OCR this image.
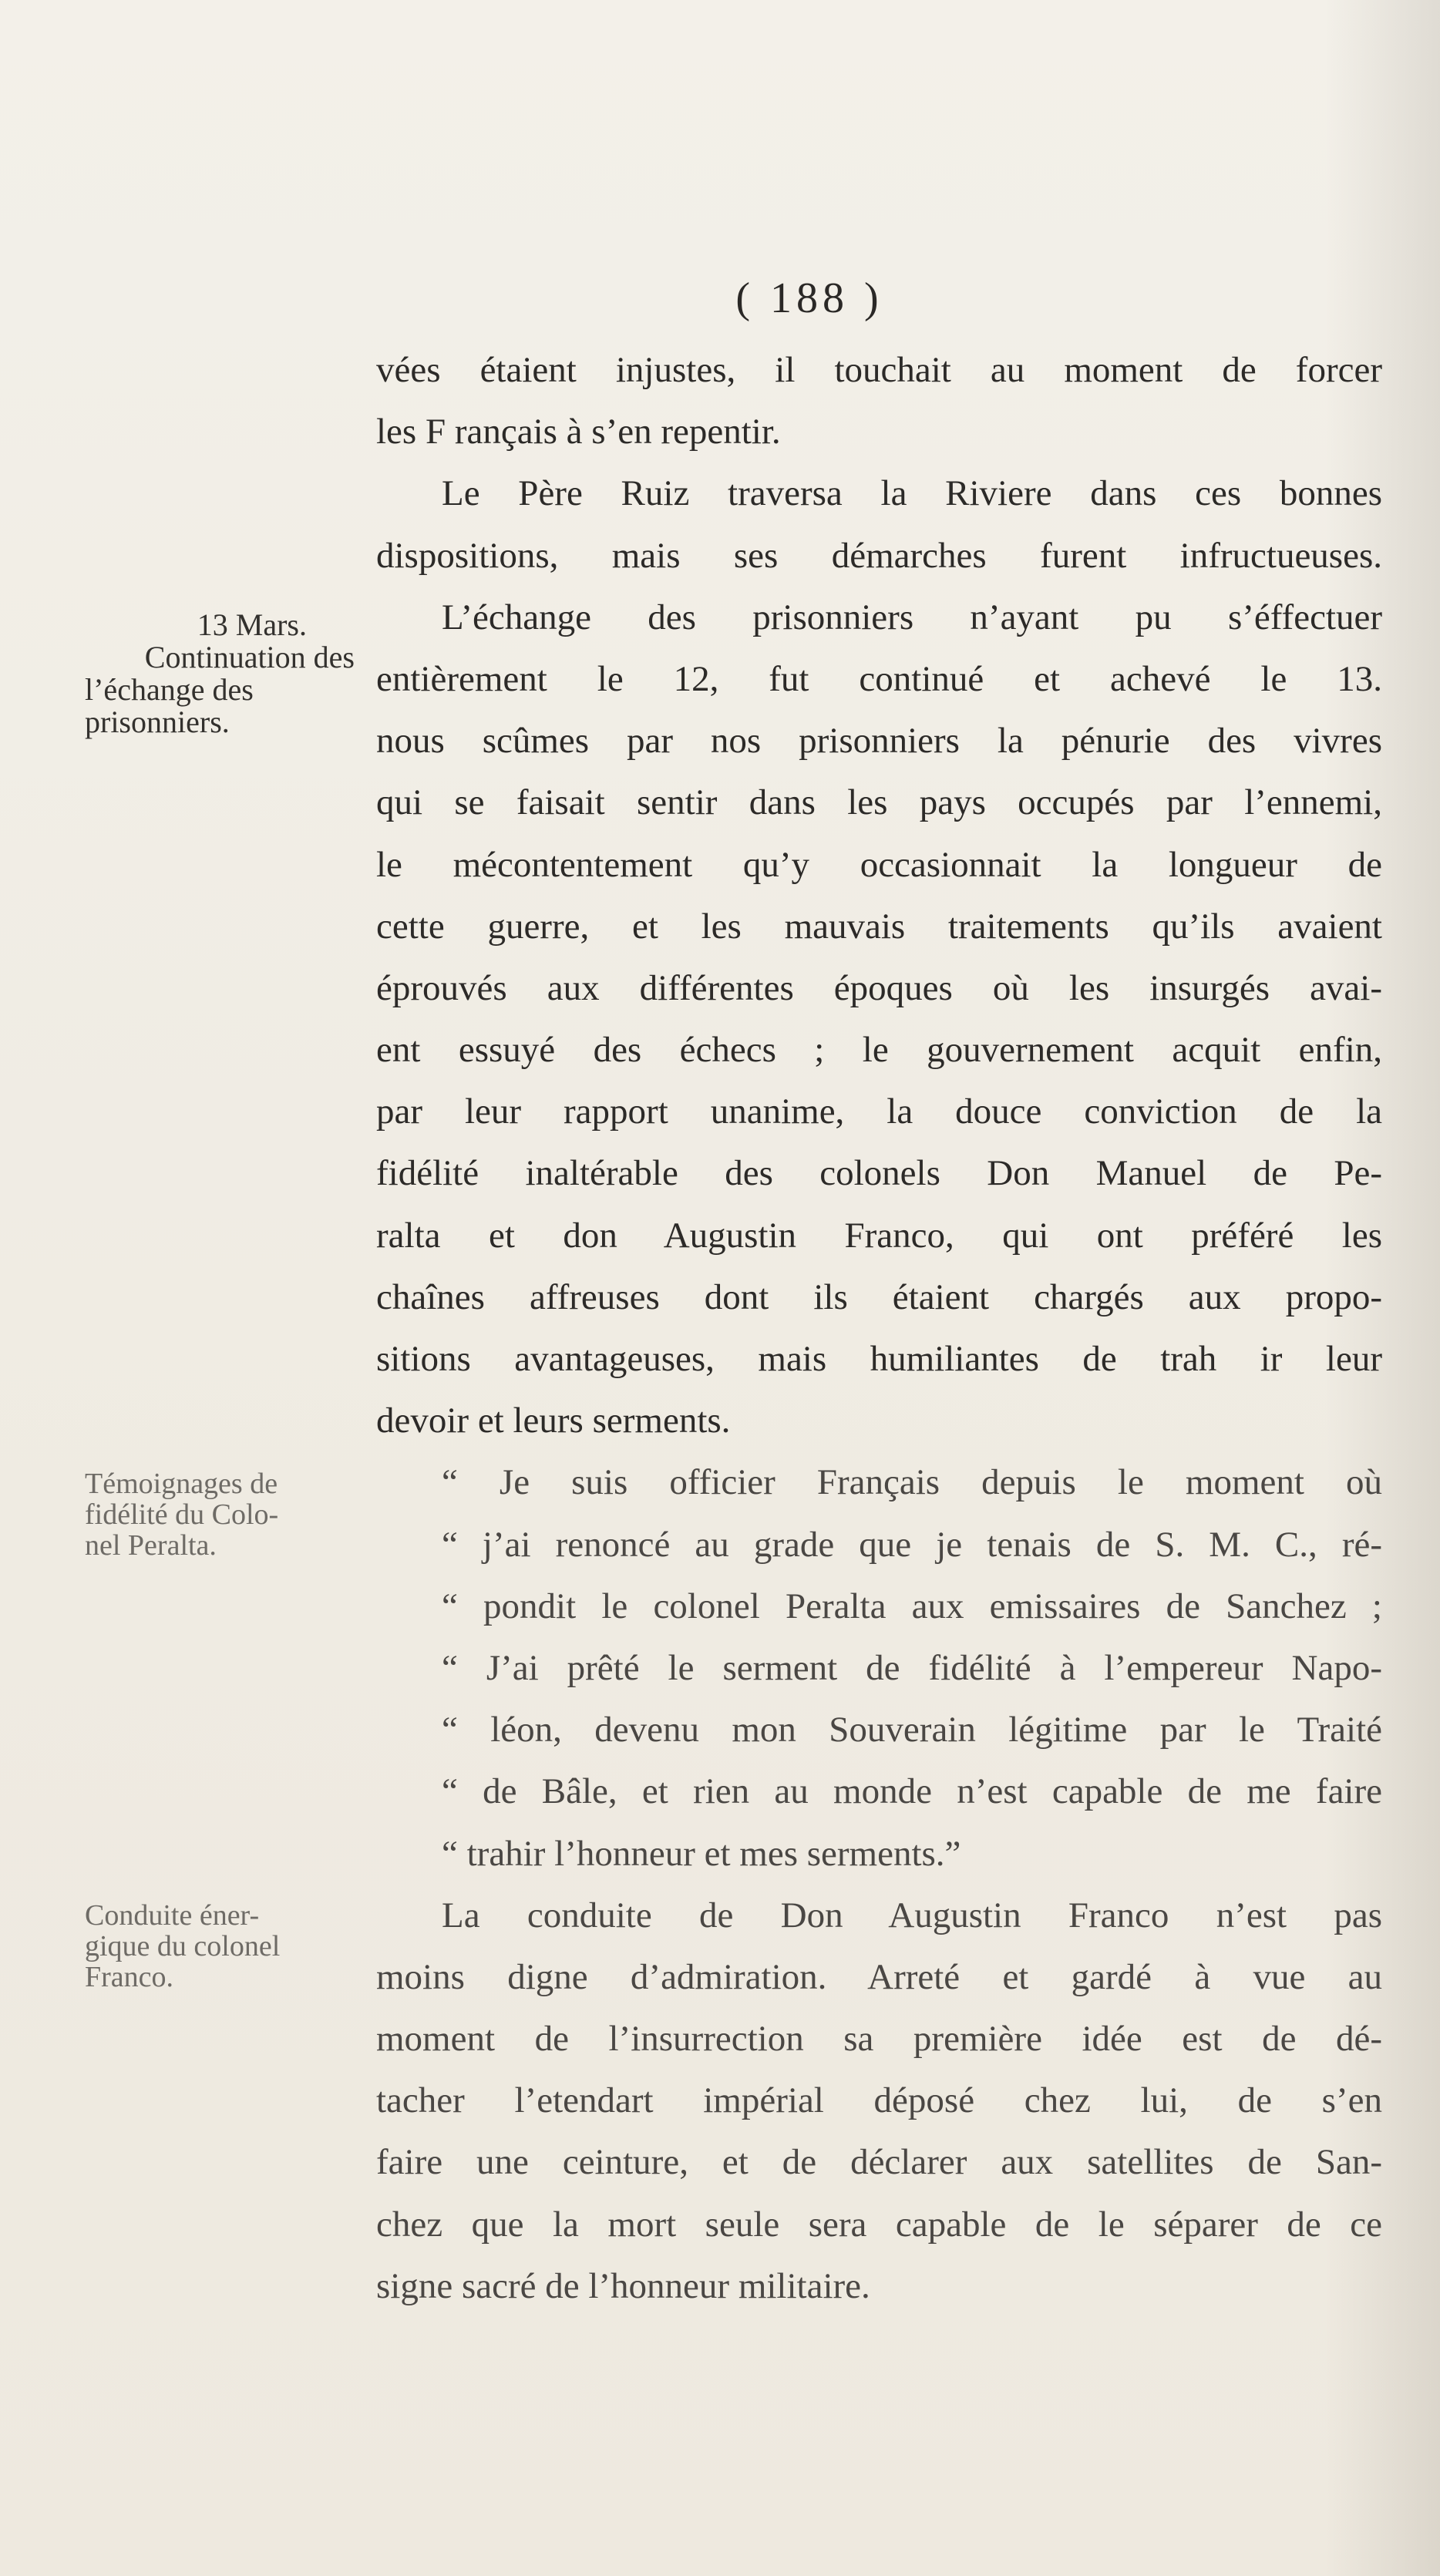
( 188 )
13 Mars.
Continuation des
l’échange des
prisonniers.
Témoignages de
fidélité du Colo-
nel Peralta.
Conduite éner-
gique du colonel
Franco.
vées étaient injustes, il touchait au moment de forcer
les F rançais à s’en repentir.
Le Père Ruiz traversa la Riviere dans ces bonnes
dispositions, mais ses démarches furent infructueuses.
L’échange des prisonniers n’ayant pu s’éffectuer
entièrement le 12, fut continué et achevé le 13.
nous scûmes par nos prisonniers la pénurie des vivres
qui se faisait sentir dans les pays occupés par l’ennemi,
le mécontentement qu’y occasionnait la longueur de
cette guerre, et les mauvais traitements qu’ils avaient
éprouvés aux différentes époques où les insurgés avai-
ent essuyé des échecs ; le gouvernement acquit enfin,
par leur rapport unanime, la douce conviction de la
fidélité inaltérable des colonels Don Manuel de Pe-
ralta et don Augustin Franco, qui ont préféré les
chaînes affreuses dont ils étaient chargés aux propo-
sitions avantageuses, mais humiliantes de trah ir leur
devoir et leurs serments.
“ Je suis officier Français depuis le moment où
“ j’ai renoncé au grade que je tenais de S. M. C., ré-
“ pondit le colonel Peralta aux emissaires de Sanchez ;
“ J’ai prêté le serment de fidélité à l’empereur Napo-
“ léon, devenu mon Souverain légitime par le Traité
“ de Bâle, et rien au monde n’est capable de me faire
“ trahir l’honneur et mes serments.”
La conduite de Don Augustin Franco n’est pas
moins digne d’admiration. Arreté et gardé à vue au
moment de l’insurrection sa première idée est de dé-
tacher l’etendart impérial déposé chez lui, de s’en
faire une ceinture, et de déclarer aux satellites de San-
chez que la mort seule sera capable de le séparer de ce
signe sacré de l’honneur militaire.
